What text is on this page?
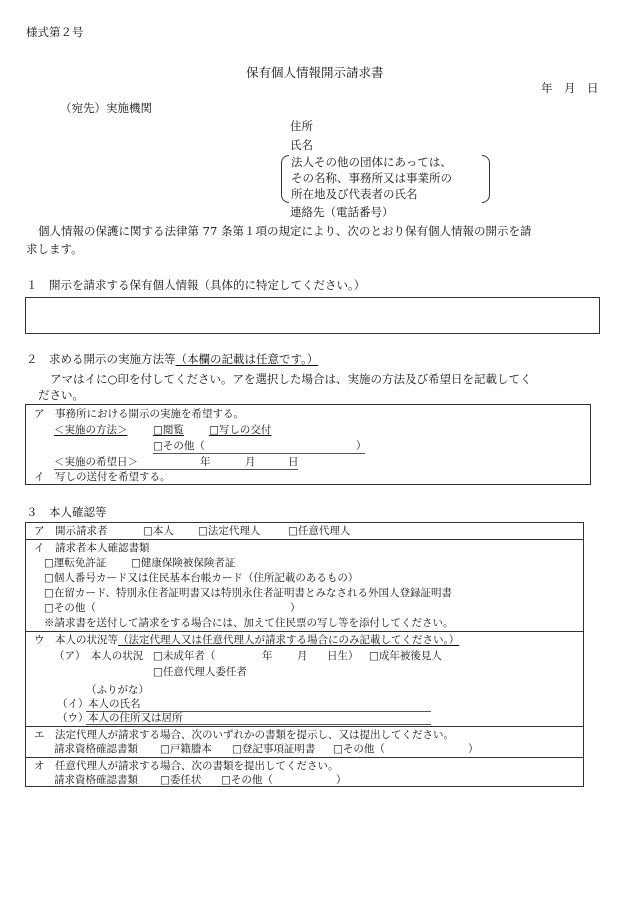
様式第２号
保有個人情報開示請求書
年　月　日
（宛先）実施機関
住所
氏名
法人その他の団体にあっては、
その名称、事務所又は事業所の
所在地及び代表者の氏名
連絡先（電話番号）
個人情報の保護に関する法律第 77 条第１項の規定により、次のとおり保有個人情報の開示を請
求します。
１　開示を請求する保有個人情報（具体的に特定してください。）
２　求める開示の実施方法等（本欄の記載は任意です。）
アマはイに○印を付してください。アを選択した場合は、実施の方法及び希望日を記載してく
ださい。
ア　事務所における開示の実施を希望する。
＜実施の方法＞ □閲覧 □写しの交付
□その他（	）
＜実施の希望日＞	年	月	日
イ　写しの送付を希望する。
３　本人確認等
ア　開示請求者	□本人 □法定代理人	□任意代理人
イ　請求者本人確認書類
□運転免許証 □健康保険被保険者証
□個人番号カード又は住民基本台帳カード（住所記載のあるもの）
□在留カード、特別永住者証明書又は特別永住者証明書とみなされる外国人登録証明書
□その他（	）
※請求書を送付して請求をする場合には、加えて住民票の写し等を添付してください。
ウ　本人の状況等（法定代理人又は任意代理人が請求する場合にのみ記載してください。）
（ア）　本人の状況 □未成年者（	年 月 日生） □成年被後見人
□任意代理人委任者
（ふりがな）
（イ） 本人の氏名
（ウ） 本人の住所又は居所
エ　法定代理人が請求する場合、次のいずれかの書類を提示し、又は提出してください。
請求資格確認書類 □戸籍謄本 □登記事項証明書 □その他（	）
オ　任意代理人が請求する場合、次の書類を提出してください。
請求資格確認書類 □委任状 □その他（	）
